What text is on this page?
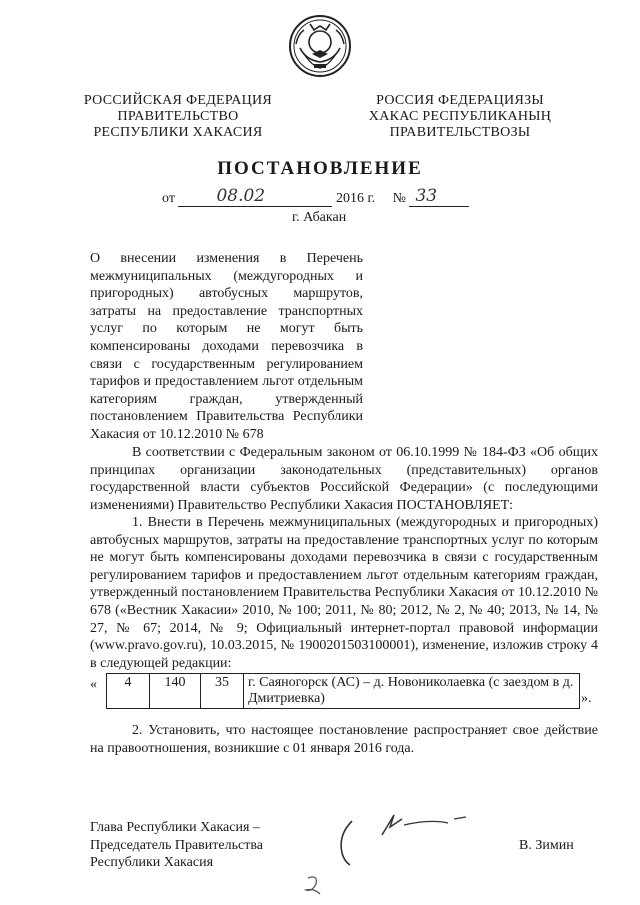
РОССИЙСКАЯ ФЕДЕРАЦИЯ
ПРАВИТЕЛЬСТВО
РЕСПУБЛИКИ ХАКАСИЯ
РОССИЯ ФЕДЕРАЦИЯЗЫ
ХАКАС РЕСПУБЛИКАНЫҢ
ПРАВИТЕЛЬСТВОЗЫ
ПОСТАНОВЛЕНИЕ
от 08.02	2016 г. № 33
г. Абакан
О внесении изменения в Перечень межмуниципальных (междугородных и пригородных) автобусных маршрутов, затраты на предоставление транспортных услуг по которым не могут быть компенсированы доходами перевозчика в связи с государственным регулированием тарифов и предоставлением льгот отдельным категориям граждан, утвержденный постановлением Правительства Республики Хакасия от 10.12.2010 № 678
В соответствии с Федеральным законом от 06.10.1999 № 184-ФЗ «Об общих принципах организации законодательных (представительных) органов государственной власти субъектов Российской Федерации» (с последующими изменениями) Правительство Республики Хакасия ПОСТАНОВЛЯЕТ:
1. Внести в Перечень межмуниципальных (междугородных и пригородных) автобусных маршрутов, затраты на предоставление транспортных услуг по которым не могут быть компенсированы доходами перевозчика в связи с государственным регулированием тарифов и предоставлением льгот отдельным категориям граждан, утвержденный постановлением Правительства Республики Хакасия от 10.12.2010 № 678 («Вестник Хакасии» 2010, № 100; 2011, № 80; 2012, № 2, № 40; 2013, № 14, № 27, № 67; 2014, № 9; Официальный интернет-портал правовой информации (www.pravo.gov.ru), 10.03.2015, № 1900201503100001), изменение, изложив строку 4 в следующей редакции:
« 4	140	35	г. Саяногорск (АС) – д. Новониколаевка (с заездом в д. Дмитриевка)	».
2. Установить, что настоящее постановление распространяет свое действие на правоотношения, возникшие с 01 января 2016 года.
Глава Республики Хакасия –
Председатель Правительства
Республики Хакасия
В. Зимин
